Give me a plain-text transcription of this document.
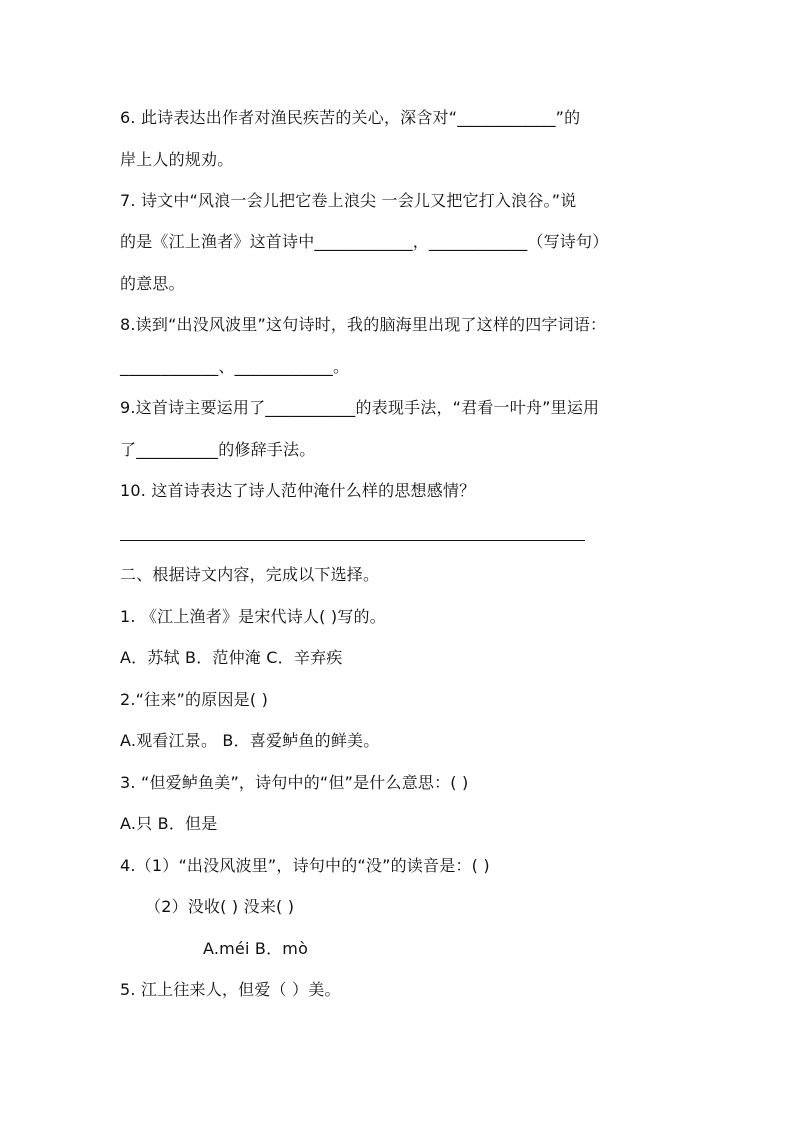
6. 此诗表达出作者对渔民疾苦的关心，深含对“____________”的
岸上人的规劝。
7. 诗文中“风浪一会儿把它卷上浪尖 一会儿又把它打入浪谷。”说
的是《江上渔者》这首诗中____________，____________（写诗句）
的意思。
8.读到“出没风波里”这句诗时，我的脑海里出现了这样的四字词语：
____________、____________。
9.这首诗主要运用了___________的表现手法，“君看一叶舟”里运用
了__________的修辞手法。
10. 这首诗表达了诗人范仲淹什么样的思想感情？
二、根据诗文内容，完成以下选择。
1. 《江上渔者》是宋代诗人( )写的。
A．苏轼 B．范仲淹 C．辛弃疾
2.“往来”的原因是( )
A.观看江景。 B．喜爱鲈鱼的鲜美。
3. “但爱鲈鱼美”，诗句中的“但”是什么意思：( )
A.只 B．但是
4.（1）“出没风波里”，诗句中的“没”的读音是：( )
（2）没收( ) 没来( )
A.méi B．mò
5. 江上往来人，但爱（ ）美。
